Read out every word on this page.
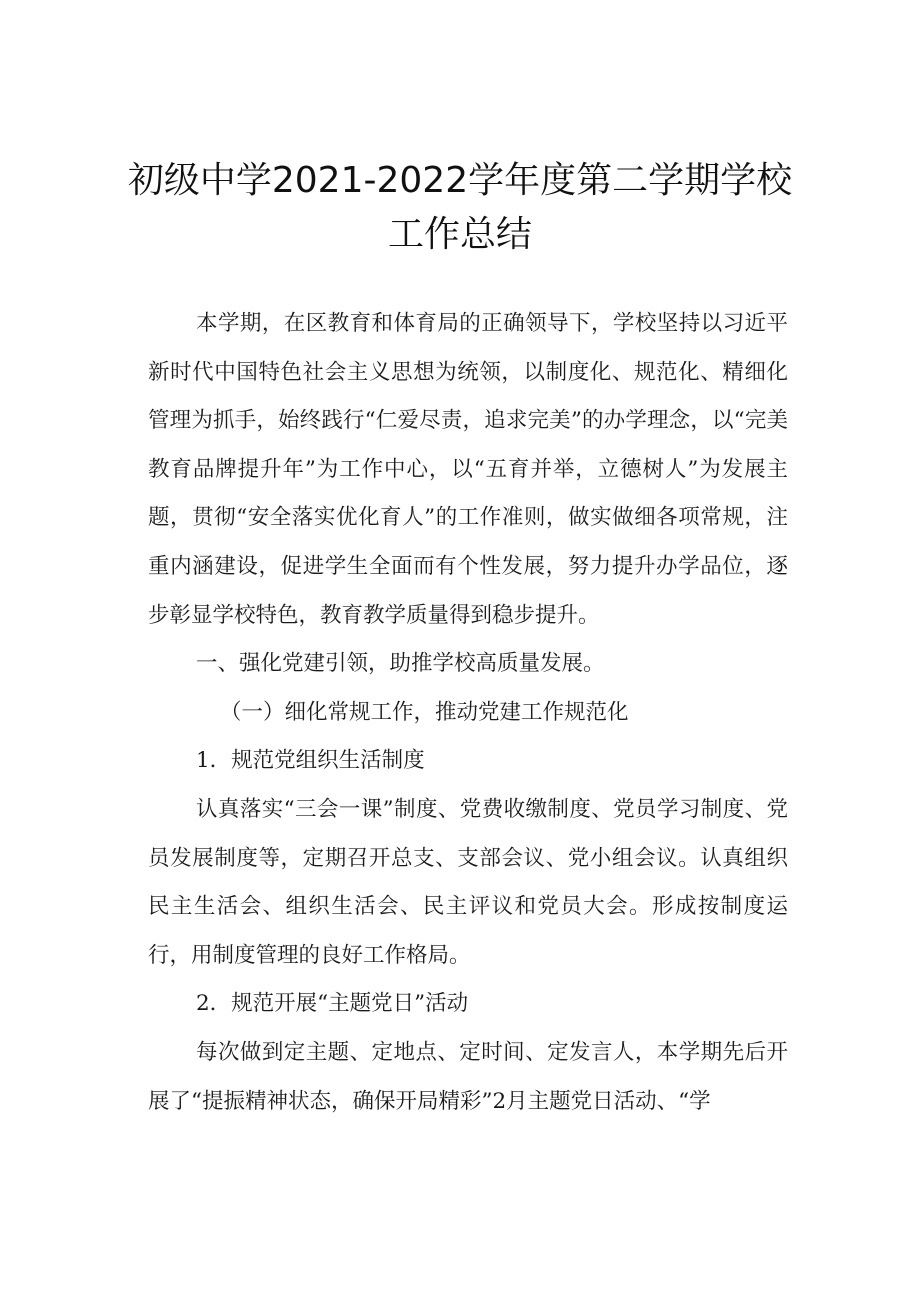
初级中学2021-2022学年度第二学期学校
工作总结

本学期，在区教育和体育局的正确领导下，学校坚持以习近平新时代中国特色社会主义思想为统领，以制度化、规范化、精细化管理为抓手，始终践行“仁爱尽责，追求完美”的办学理念，以“完美教育品牌提升年”为工作中心，以“五育并举，立德树人”为发展主题，贯彻“安全落实优化育人”的工作准则，做实做细各项常规，注重内涵建设，促进学生全面而有个性发展，努力提升办学品位，逐步彰显学校特色，教育教学质量得到稳步提升。

一、强化党建引领，助推学校高质量发展。

（一）细化常规工作，推动党建工作规范化

1．规范党组织生活制度

认真落实“三会一课”制度、党费收缴制度、党员学习制度、党员发展制度等，定期召开总支、支部会议、党小组会议。认真组织民主生活会、组织生活会、民主评议和党员大会。形成按制度运行，用制度管理的良好工作格局。

2．规范开展“主题党日”活动

每次做到定主题、定地点、定时间、定发言人，本学期先后开展了“提振精神状态，确保开局精彩”2月主题党日活动、“学
